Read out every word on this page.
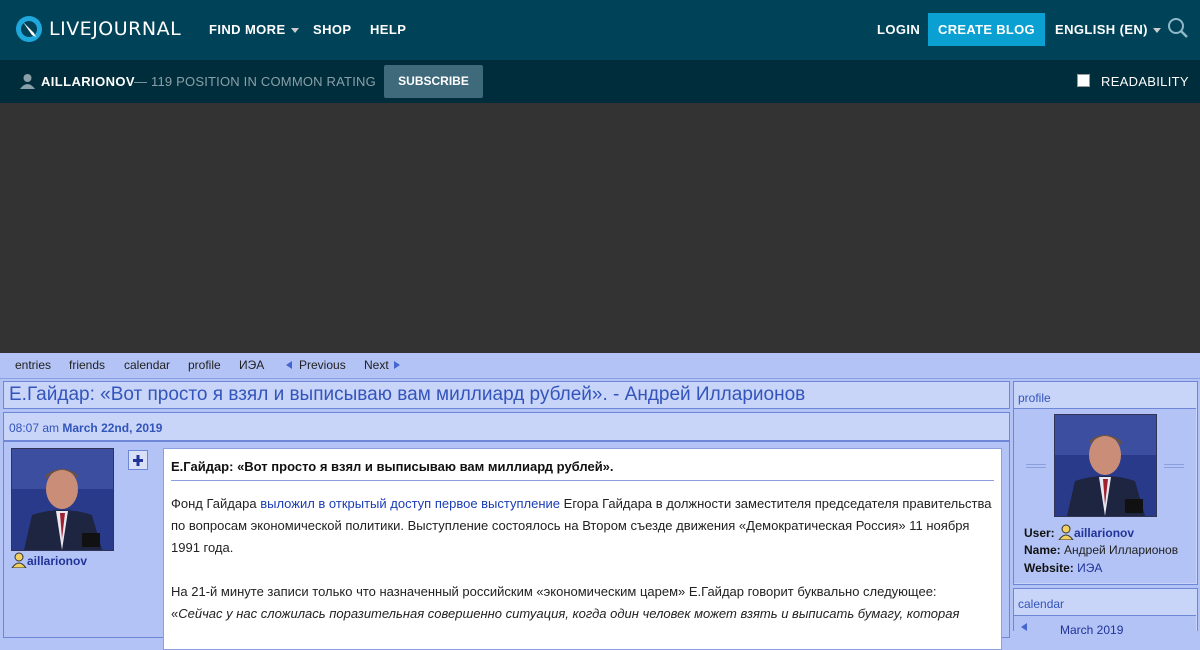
LIVEJOURNAL FIND MORE	SHOP HELP	LOGIN	CREATE BLOG	ENGLISH (EN)
AILLARIONOV — 119 POSITION IN COMMON RATING	SUBSCRIBE	READABILITY
entries friends calendar profile ИЭА	Previous Next
Е.Гайдар: «Вот просто я взял и выписываю вам миллиард рублей». - Андрей Илларионов
08:07 am March 22nd, 2019
aillarionov
Е.Гайдар: «Вот просто я взял и выписываю вам миллиард рублей».
Фонд Гайдара выложил в открытый доступ первое выступление Егора Гайдара в должности заместителя председателя правительства по вопросам экономической политики. Выступление состоялось на Втором съезде движения «Демократическая Россия» 11 ноября 1991 года.
На 21-й минуте записи только что назначенный российским «экономическим царем» Е.Гайдар говорит буквально следующее:
«Сейчас у нас сложилась поразительная совершенно ситуация, когда один человек может взять и выписать бумагу, которая
profile
User: aillarionov
Name: Андрей Илларионов
Website: ИЭА
calendar
March 2019
